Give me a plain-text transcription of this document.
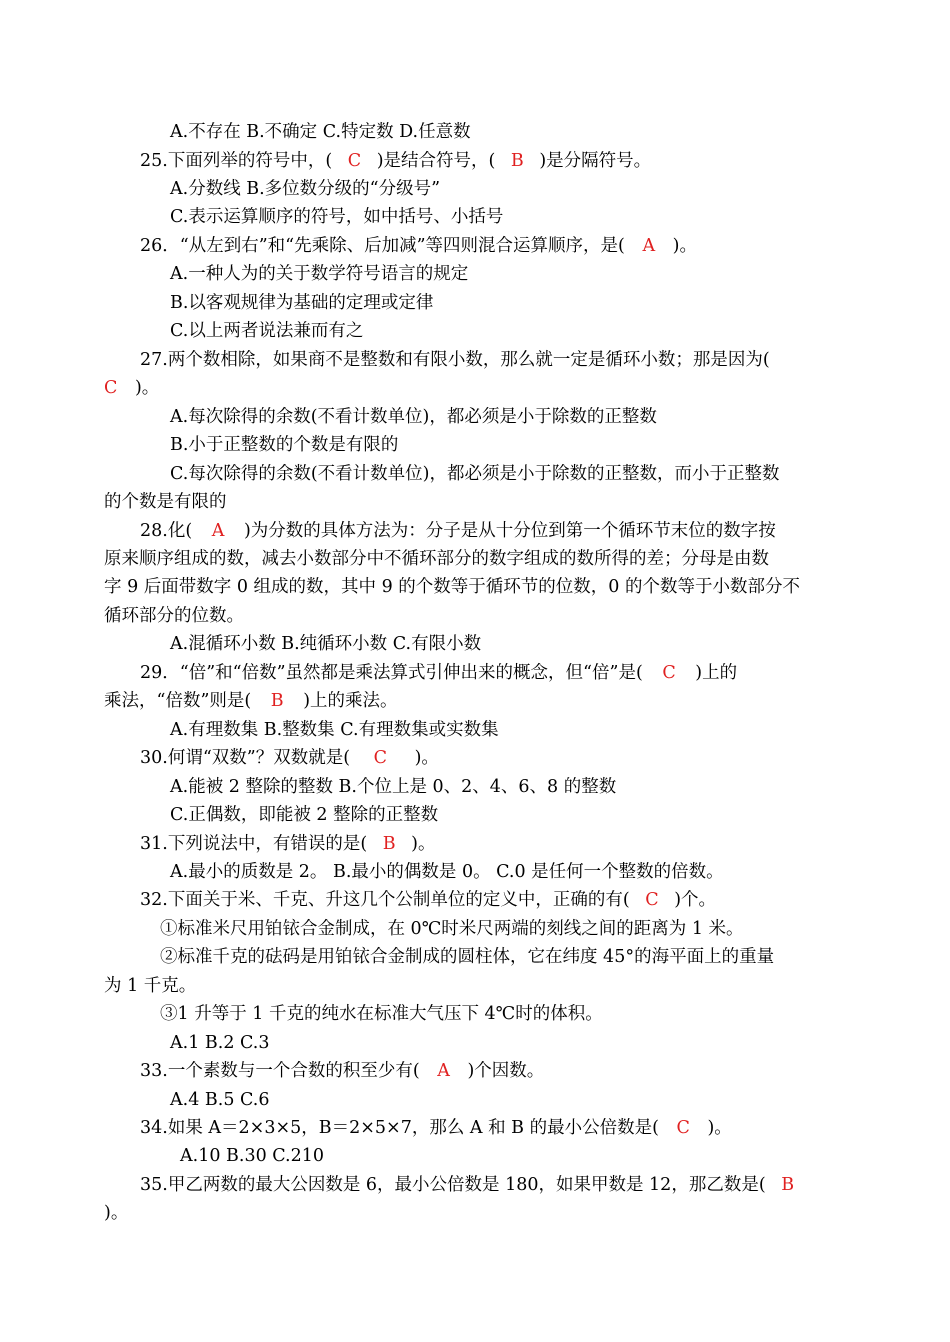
A.不存在 B.不确定 C.特定数 D.任意数
25.下面列举的符号中，( C )是结合符号，( B )是分隔符号。
A.分数线 B.多位数分级的“分级号”
C.表示运算顺序的符号，如中括号、小括号
26．“从左到右”和“先乘除、后加减”等四则混合运算顺序，是( A )。
A.一种人为的关于数学符号语言的规定
B.以客观规律为基础的定理或定律
C.以上两者说法兼而有之
27.两个数相除，如果商不是整数和有限小数，那么就一定是循环小数；那是因为(
C )。
A.每次除得的余数(不看计数单位)，都必须是小于除数的正整数
B.小于正整数的个数是有限的
C.每次除得的余数(不看计数单位)，都必须是小于除数的正整数，而小于正整数
的个数是有限的
28.化( A )为分数的具体方法为：分子是从十分位到第一个循环节末位的数字按
原来顺序组成的数，减去小数部分中不循环部分的数字组成的数所得的差；分母是由数
字 9 后面带数字 0 组成的数，其中 9 的个数等于循环节的位数，0 的个数等于小数部分不
循环部分的位数。
A.混循环小数 B.纯循环小数 C.有限小数
29．“倍”和“倍数”虽然都是乘法算式引伸出来的概念，但“倍”是( C )上的
乘法，“倍数”则是( B )上的乘法。
A.有理数集 B.整数集 C.有理数集或实数集
30.何谓“双数”？双数就是( C )。
A.能被 2 整除的整数 B.个位上是 0、2、4、6、8 的整数
C.正偶数，即能被 2 整除的正整数
31.下列说法中，有错误的是( B )。
A.最小的质数是 2。 B.最小的偶数是 0。 C.0 是任何一个整数的倍数。
32.下面关于米、千克、升这几个公制单位的定义中，正确的有( C )个。
①标准米尺用铂铱合金制成，在 0℃时米尺两端的刻线之间的距离为 1 米。
②标准千克的砝码是用铂铱合金制成的圆柱体，它在纬度 45°的海平面上的重量
为 1 千克。
③1 升等于 1 千克的纯水在标准大气压下 4℃时的体积。
A.1 B.2 C.3
33.一个素数与一个合数的积至少有( A )个因数。
A.4 B.5 C.6
34.如果 A＝2×3×5，B＝2×5×7，那么 A 和 B 的最小公倍数是( C )。
A.10 B.30 C.210
35.甲乙两数的最大公因数是 6，最小公倍数是 180，如果甲数是 12，那乙数是( B
)。
